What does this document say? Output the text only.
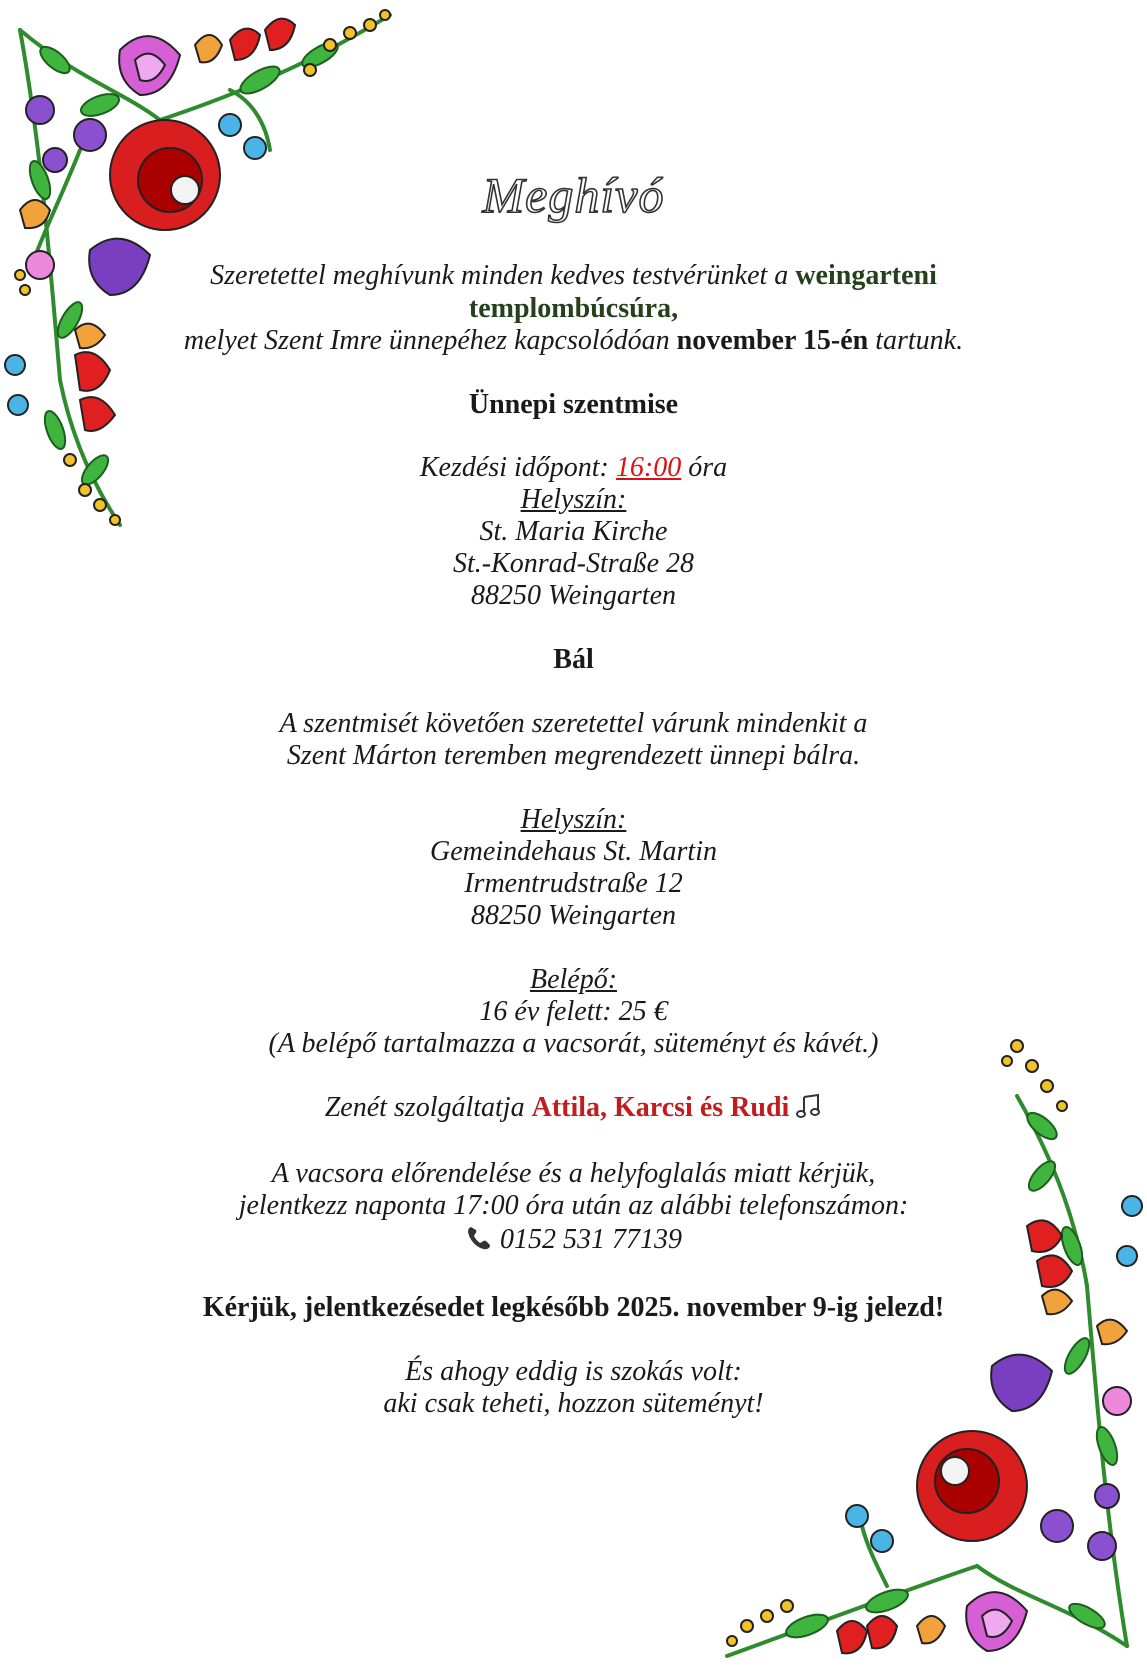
Meghívó
Szeretettel meghívunk minden kedves testvérünket a weingarteni
templombúcsúra,
melyet Szent Imre ünnepéhez kapcsolódóan november 15-én tartunk.
Ünnepi szentmise
Kezdési időpont: 16:00 óra
Helyszín:
St. Maria Kirche
St.-Konrad-Straße 28
88250 Weingarten
Bál
A szentmisét követően szeretettel várunk mindenkit a
Szent Márton teremben megrendezett ünnepi bálra.
Helyszín:
Gemeindehaus St. Martin
Irmentrudstraße 12
88250 Weingarten
Belépő:
16 év felett: 25 €
(A belépő tartalmazza a vacsorát, süteményt és kávét.)
Zenét szolgáltatja Attila, Karcsi és Rudi
A vacsora előrendelése és a helyfoglalás miatt kérjük,
jelentkezz naponta 17:00 óra után az alábbi telefonszámon:
0152 531 77139
Kérjük, jelentkezésedet legkésőbb 2025. november 9-ig jelezd!
És ahogy eddig is szokás volt:
aki csak teheti, hozzon süteményt!
